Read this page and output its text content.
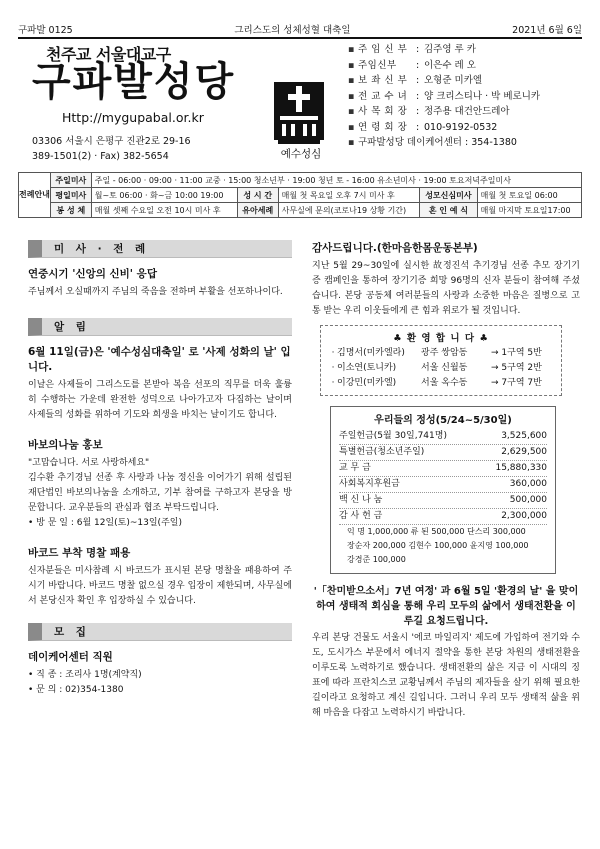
구파발 0125	그리스도의 성체성혈 대축일	2021년 6월 6일
천주교 서울대교구
구파발성당
Http://mygupabal.or.kr
03306 서울시 은평구 진관2로 29-16
389-1501(2) · Fax) 382-5654	예수성심
▪ 주 임 신 부 : 김주영 루 카
▪ 주임신부	: 이은수 레 오
▪ 보 좌 신 부 : 오형준 미카엘
▪ 전 교 수 녀 : 양 크리스티나 · 박 베로니카
▪ 사 목 회 장 : 정주용 대건안드레아
▪ 연 령 회 장 : 010-9192-0532
▪ 구파발성당 데이케어센터 : 354-1380
전례안내	주일미사	주일 - 06:00 · 09:00 · 11:00 교중 · 15:00 청소년부 · 19:00 청년 토 - 16:00 유소년미사 · 19:00 토요저녁주일미사				
	평일미사	월~토 06:00 · 화~금 10:00 19:00	성 시 간	매월 첫 목요일 오후 7시 미사 후	성모신심미사	매월 첫 토요일 06:00
	봉 성 체	매월 셋째 수요일 오전 10시 미사 후	유아세례	사무실에 문의(코로나19 상황 기간)	혼 인 예 식	매월 마지막 토요일17:00
미 사 · 전 례
연중시기 '신앙의 신비' 응답
주님께서 오실때까지 주님의 죽음을 전하며 부활을 선포하나이다.
알 림
6월 11일(금)은 '예수성심대축일' 로 '사제 성화의 날' 입니다.
이날은 사제들이 그리스도를 본받아 복음 선포의 직무를 더욱 훌륭히 수행하는 가운데 완전한 성덕으로 나아가고자 다짐하는 날이며 사제들의 성화를 위하여 기도와 희생을 바치는 날이기도 합니다.
바보의나눔 홍보
"고맙습니다. 서로 사랑하세요"
김수환 추기경님 선종 후 사랑과 나눔 정신을 이어가기 위해 설립된 재단법인 바보의나눔을 소개하고, 기부 참여를 구하고자 본당을 방문합니다. 교우분들의 관심과 협조 부탁드립니다.
• 방 문 일 : 6월 12일(토)~13일(주일)
바코드 부착 명찰 패용
신자분들은 미사참례 시 바코드가 표시된 본당 명찰을 패용하여 주시기 바랍니다. 바코드 명찰 없으실 경우 입장이 제한되며, 사무실에서 본당신자 확인 후 입장하실 수 있습니다.
모 집
데이케어센터 직원
• 직 종 : 조리사 1명(계약직)
• 문 의 : 02)354-1380
감사드립니다.(한마음한몸운동본부)
지난 5월 29~30일에 실시한 故정진석 추기경님 선종 추모 장기기증 캠페인을 통하여 장기기증 희망 96명의 신자 분들이 참여해 주셨습니다. 본당 공동체 여러분들의 사랑과 소중한 마음은 질병으로 고통 받는 우리 이웃들에게 큰 힘과 위로가 될 것입니다.
♣ 환 영 합 니 다 ♣
· 김명서(미카엘라)	광주 쌍암동	→ 1구역 5반
· 이소연(토니카)	서울 신월동	→ 5구역 2반
· 이강민(미카엘)	서울 옥수동	→ 7구역 7반
우리들의 정성(5/24~5/30일)
주일헌금(5월 30일,741명)	3,525,600
특별헌금(청소년주일)	2,629,500
교 무 금	15,880,330
사회복지후원금	360,000
백 신 나 눔	500,000
감 사 헌 금	2,300,000
익 명 1,000,000 류 된 500,000 단스리 300,000
장순자 200,000 김현수 100,000 윤지영 100,000
강경준 100,000
'「찬미받으소서」7년 여정' 과 6월 5일 '환경의 날' 을 맞이하여 생태적 회심을 통해 우리 모두의 삶에서 생태전환을 이루길 요청드립니다.
우리 본당 건물도 서울시 '에코 마일리지' 제도에 가입하여 전기와 수도, 도시가스 부문에서 에너지 절약을 통한 본당 차원의 생태전환을 이루도록 노력하기로 했습니다. 생태전환의 삶은 지금 이 시대의 징표에 따라 프란치스코 교황님께서 주님의 제자들을 살기 위해 필요한 길이라고 요청하고 계신 길입니다. 그러니 우리 모두 생태적 삶을 위해 마음을 다잡고 노력하시기 바랍니다.
